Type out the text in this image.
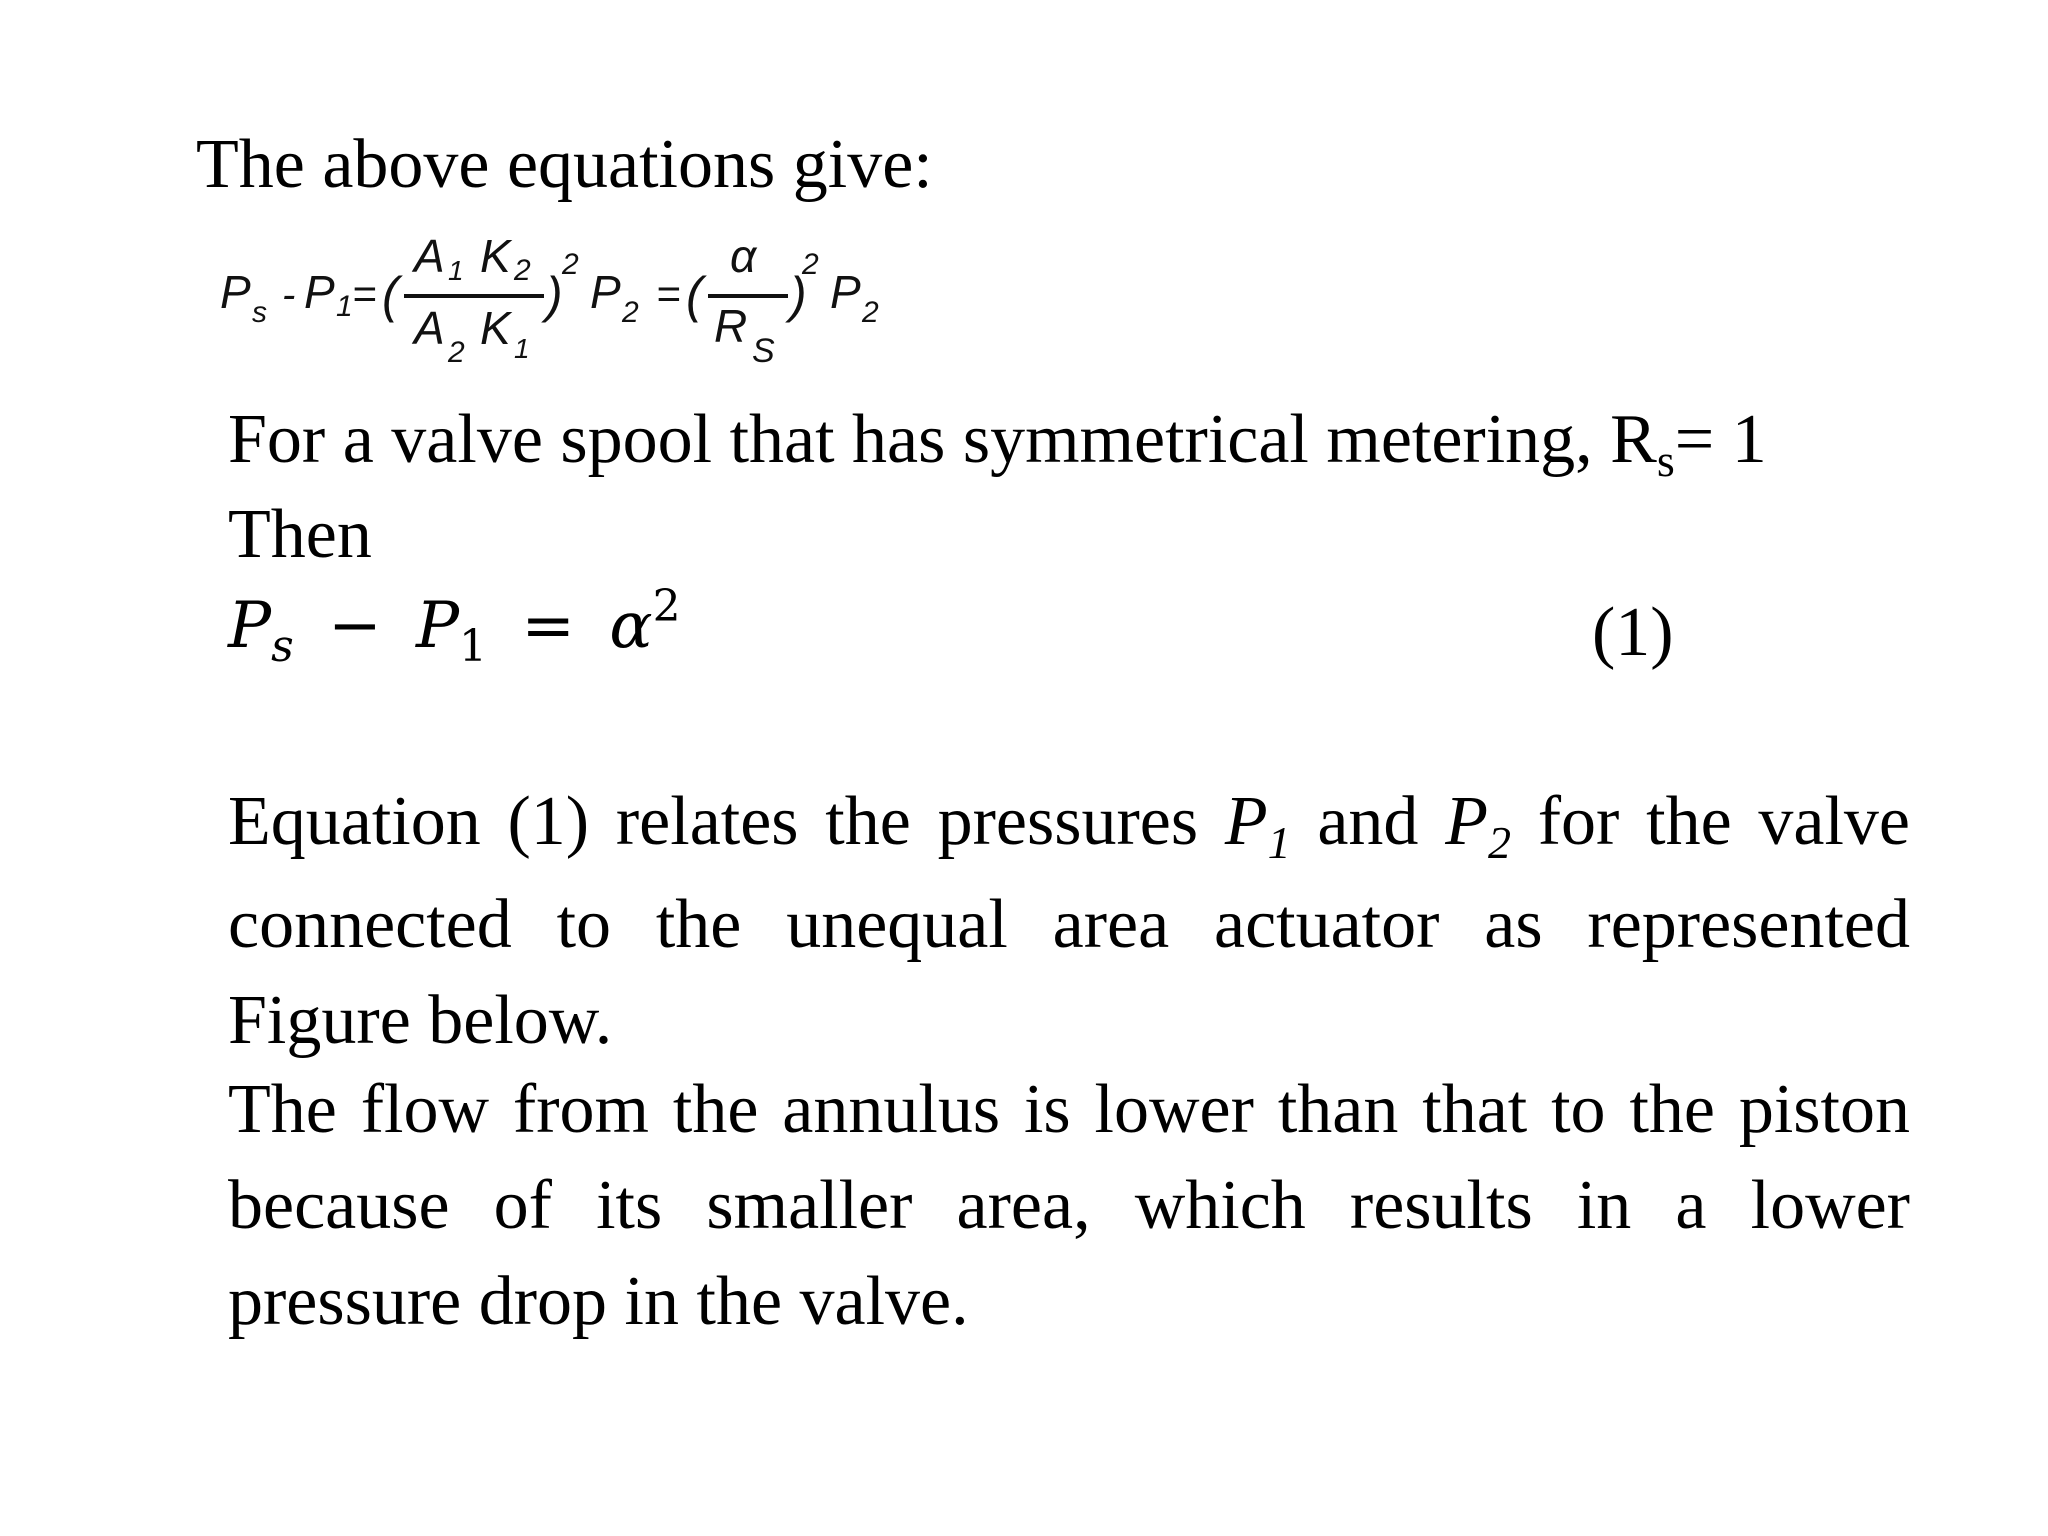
The above equations give:
P s - P 1 = (
A 1 K 2
A 2 K 1
)
2
P 2 = (
α
R S
)
2
P 2
For a valve spool that has symmetrical metering, $R_s= 1$
Then
$P_s - P_1 = \alpha^2$	(1)
Equation (1) relates the pressures $P_1$ and $P_2$ for the valve connected to the unequal area actuator as represented Figure below.
The flow from the annulus is lower than that to the piston because of its smaller area, which results in a lower pressure drop in the valve.
